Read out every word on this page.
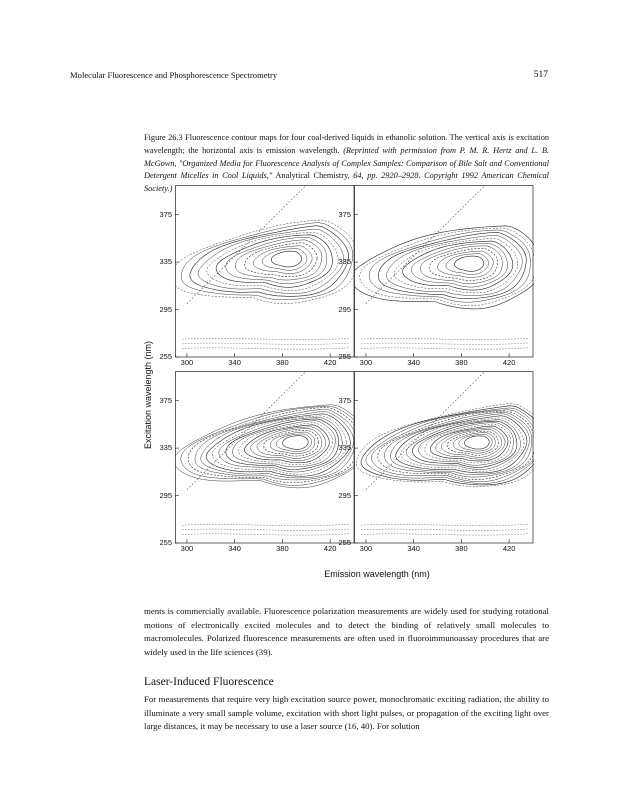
Molecular Fluorescence and Phosphorescence Spectrometry	517

Figure 26.3 Fluorescence contour maps for four coal-derived liquids in ethanolic solution. The vertical axis is excitation wavelength; the horizontal axis is emission wavelength. (Reprinted with permission from P. M. R. Hertz and L. B. McGown, "Organized Media for Fluorescence Analysis of Complex Samples: Comparison of Bile Salt and Conventional Detergent Micelles in Cool Liquids," Analytical Chemistry, 64, pp. 2920–2928. Copyright 1992 American Chemical Society.)

Excitation wavelength (nm)
Emission wavelength (nm)
375
335
295
255
300	340	380	420
375
335
295
255
300	340	380	420
375
335
295
255
300	340	380	420
375
335
295
255
300	340	380	420

ments is commercially available. Fluorescence polarization measurements are widely used for studying rotational motions of electronically excited molecules and to detect the binding of relatively small molecules to macromolecules. Polarized fluorescence measurements are often used in fluoroimmunoassay procedures that are widely used in the life sciences (39).

Laser-Induced Fluorescence

For measurements that require very high excitation source power, monochromatic exciting radiation, the ability to illuminate a very small sample volume, excitation with short light pulses, or propagation of the exciting light over large distances, it may be necessary to use a laser source (16, 40). For solution
